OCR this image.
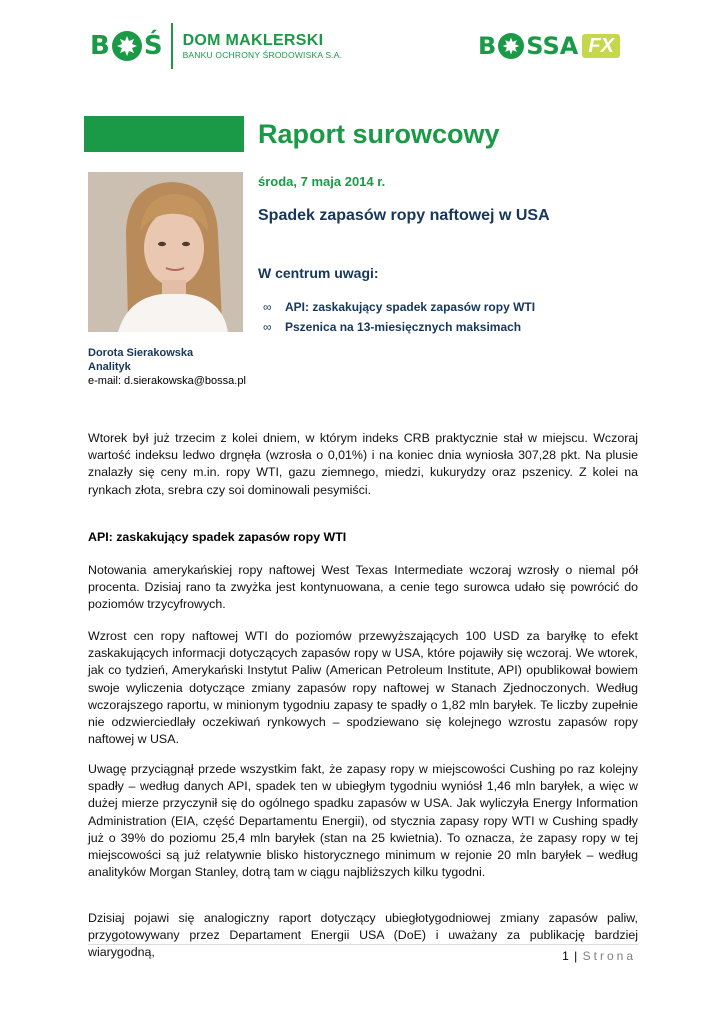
B Ś DOM MAKLERSKI
BANKU OCHRONY ŚRODOWISKA S.A.	B SSA FX
Raport surowcowy
środa, 7 maja 2014 r.
Spadek zapasów ropy naftowej w USA
W centrum uwagi:
∞	API: zaskakujący spadek zapasów ropy WTI
∞	Pszenica na 13-miesięcznych maksimach
Dorota Sierakowska
Analityk
e-mail: d.sierakowska@bossa.pl
Wtorek był już trzecim z kolei dniem, w którym indeks CRB praktycznie stał w miejscu. Wczoraj wartość indeksu ledwo drgnęła (wzrosła o 0,01%) i na koniec dnia wyniosła 307,28 pkt. Na plusie znalazły się ceny m.in. ropy WTI, gazu ziemnego, miedzi, kukurydzy oraz pszenicy. Z kolei na rynkach złota, srebra czy soi dominowali pesymiści.
API: zaskakujący spadek zapasów ropy WTI
Notowania amerykańskiej ropy naftowej West Texas Intermediate wczoraj wzrosły o niemal pół procenta. Dzisiaj rano ta zwyżka jest kontynuowana, a cenie tego surowca udało się powrócić do poziomów trzycyfrowych.
Wzrost cen ropy naftowej WTI do poziomów przewyższających 100 USD za baryłkę to efekt zaskakujących informacji dotyczących zapasów ropy w USA, które pojawiły się wczoraj. We wtorek, jak co tydzień, Amerykański Instytut Paliw (American Petroleum Institute, API) opublikował bowiem swoje wyliczenia dotyczące zmiany zapasów ropy naftowej w Stanach Zjednoczonych. Według wczorajszego raportu, w minionym tygodniu zapasy te spadły o 1,82 mln baryłek. Te liczby zupełnie nie odzwierciedlały oczekiwań rynkowych – spodziewano się kolejnego wzrostu zapasów ropy naftowej w USA.
Uwagę przyciągnął przede wszystkim fakt, że zapasy ropy w miejscowości Cushing po raz kolejny spadły – według danych API, spadek ten w ubiegłym tygodniu wyniósł 1,46 mln baryłek, a więc w dużej mierze przyczynił się do ogólnego spadku zapasów w USA. Jak wyliczyła Energy Information Administration (EIA, część Departamentu Energii), od stycznia zapasy ropy WTI w Cushing spadły już o 39% do poziomu 25,4 mln baryłek (stan na 25 kwietnia). To oznacza, że zapasy ropy w tej miejscowości są już relatywnie blisko historycznego minimum w rejonie 20 mln baryłek – według analityków Morgan Stanley, dotrą tam w ciągu najbliższych kilku tygodni.
Dzisiaj pojawi się analogiczny raport dotyczący ubiegłotygodniowej zmiany zapasów paliw, przygotowywany przez Departament Energii USA (DoE) i uważany za publikację bardziej wiarygodną,	1 | Strona
